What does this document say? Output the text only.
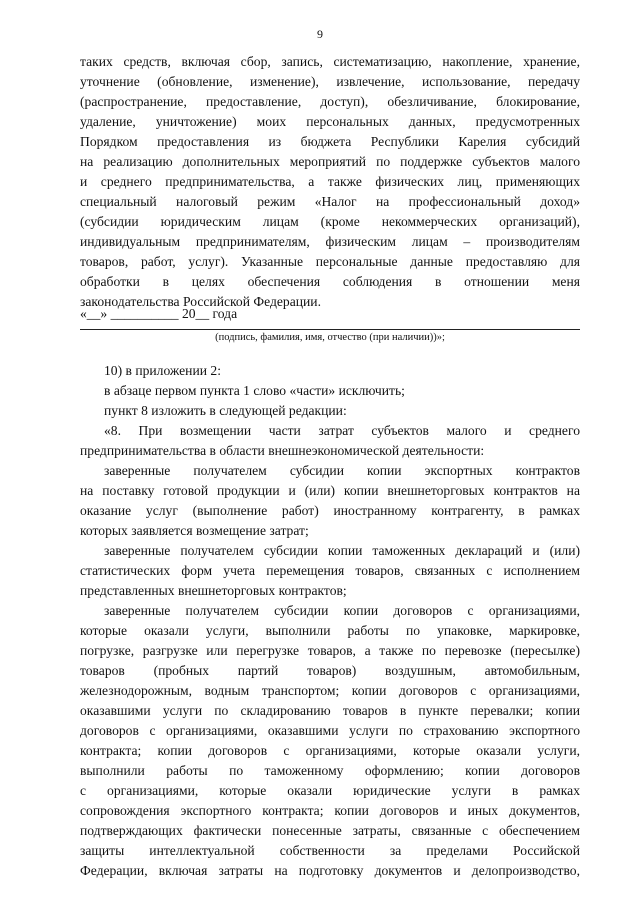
9
таких средств, включая сбор, запись, систематизацию, накопление, хранение,
уточнение (обновление, изменение), извлечение, использование, передачу
(распространение, предоставление, доступ), обезличивание, блокирование,
удаление, уничтожение) моих персональных данных, предусмотренных
Порядком предоставления из бюджета Республики Карелия субсидий
на реализацию дополнительных мероприятий по поддержке субъектов малого
и среднего предпринимательства, а также физических лиц, применяющих
специальный налоговый режим «Налог на профессиональный доход»
(субсидии юридическим лицам (кроме некоммерческих организаций),
индивидуальным предпринимателям, физическим лицам – производителям
товаров, работ, услуг). Указанные персональные данные предоставляю для
обработки в целях обеспечения соблюдения в отношении меня
законодательства Российской Федерации.
«__» __________ 20__ года
(подпись, фамилия, имя, отчество (при наличии))»;
10) в приложении 2:
в абзаце первом пункта 1 слово «части» исключить;
пункт 8 изложить в следующей редакции:
«8. При возмещении части затрат субъектов малого и среднего
предпринимательства в области внешнеэкономической деятельности:
заверенные получателем субсидии копии экспортных контрактов
на поставку готовой продукции и (или) копии внешнеторговых контрактов на
оказание услуг (выполнение работ) иностранному контрагенту, в рамках
которых заявляется возмещение затрат;
заверенные получателем субсидии копии таможенных деклараций и (или)
статистических форм учета перемещения товаров, связанных с исполнением
представленных внешнеторговых контрактов;
заверенные получателем субсидии копии договоров с организациями,
которые оказали услуги, выполнили работы по упаковке, маркировке,
погрузке, разгрузке или перегрузке товаров, а также по перевозке (пересылке)
товаров (пробных партий товаров) воздушным, автомобильным,
железнодорожным, водным транспортом; копии договоров с организациями,
оказавшими услуги по складированию товаров в пункте перевалки; копии
договоров с организациями, оказавшими услуги по страхованию экспортного
контракта; копии договоров с организациями, которые оказали услуги,
выполнили работы по таможенному оформлению; копии договоров
с организациями, которые оказали юридические услуги в рамках
сопровождения экспортного контракта; копии договоров и иных документов,
подтверждающих фактически понесенные затраты, связанные с обеспечением
защиты интеллектуальной собственности за пределами Российской
Федерации, включая затраты на подготовку документов и делопроизводство,
